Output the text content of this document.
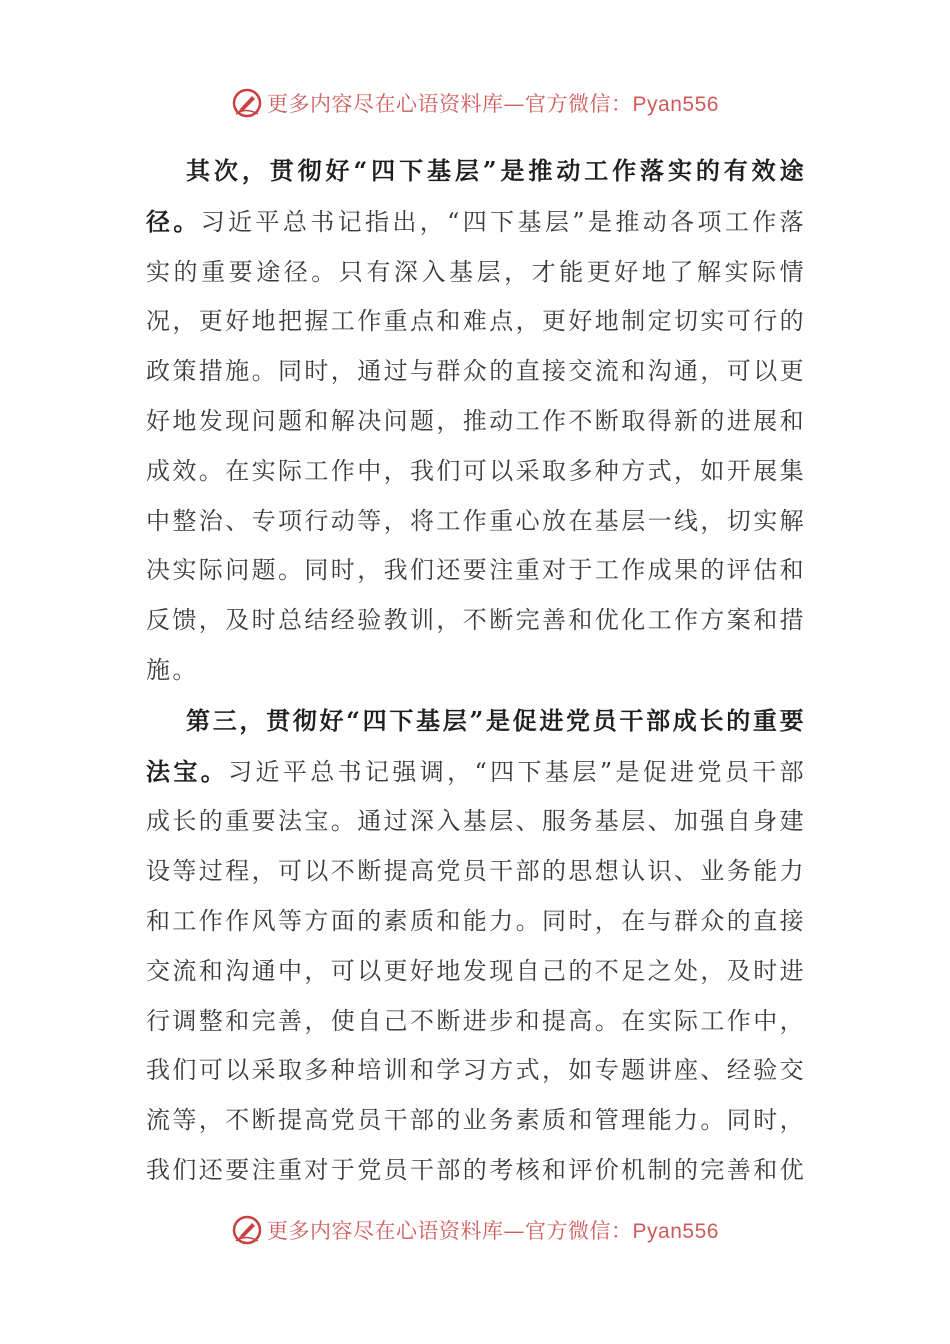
更多内容尽在心语资料库—官方微信：Pyan556

其次，贯彻好“四下基层”是推动工作落实的有效途径。习近平总书记指出，“四下基层”是推动各项工作落实的重要途径。只有深入基层，才能更好地了解实际情况，更好地把握工作重点和难点，更好地制定切实可行的政策措施。同时，通过与群众的直接交流和沟通，可以更好地发现问题和解决问题，推动工作不断取得新的进展和成效。在实际工作中，我们可以采取多种方式，如开展集中整治、专项行动等，将工作重心放在基层一线，切实解决实际问题。同时，我们还要注重对于工作成果的评估和反馈，及时总结经验教训，不断完善和优化工作方案和措施。

第三，贯彻好“四下基层”是促进党员干部成长的重要法宝。习近平总书记强调，“四下基层”是促进党员干部成长的重要法宝。通过深入基层、服务基层、加强自身建设等过程，可以不断提高党员干部的思想认识、业务能力和工作作风等方面的素质和能力。同时，在与群众的直接交流和沟通中，可以更好地发现自己的不足之处，及时进行调整和完善，使自己不断进步和提高。在实际工作中，我们可以采取多种培训和学习方式，如专题讲座、经验交流等，不断提高党员干部的业务素质和管理能力。同时，我们还要注重对于党员干部的考核和评价机制的完善和优

更多内容尽在心语资料库—官方微信：Pyan556
